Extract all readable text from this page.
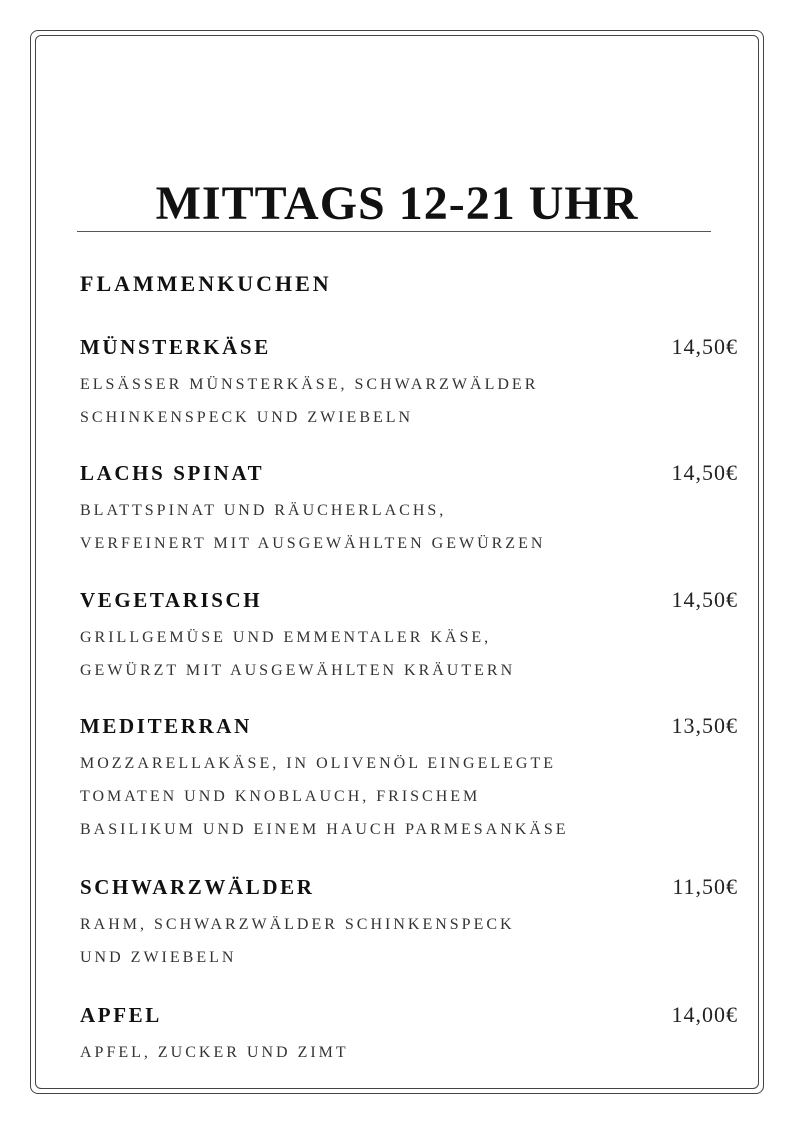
MITTAGS 12-21 UHR
FLAMMENKUCHEN
MÜNSTERKÄSE	14,50€
ELSÄSSER MÜNSTERKÄSE, SCHWARZWÄLDER
SCHINKENSPECK UND ZWIEBELN
LACHS SPINAT	14,50€
BLATTSPINAT UND RÄUCHERLACHS,
VERFEINERT MIT AUSGEWÄHLTEN GEWÜRZEN
VEGETARISCH	14,50€
GRILLGEMÜSE UND EMMENTALER KÄSE,
GEWÜRZT MIT AUSGEWÄHLTEN KRÄUTERN
MEDITERRAN	13,50€
MOZZARELLAKÄSE, IN OLIVENÖL EINGELEGTE
TOMATEN UND KNOBLAUCH, FRISCHEM
BASILIKUM UND EINEM HAUCH PARMESANKÄSE
SCHWARZWÄLDER	11,50€
RAHM, SCHWARZWÄLDER SCHINKENSPECK
UND ZWIEBELN
APFEL	14,00€
APFEL, ZUCKER UND ZIMT
